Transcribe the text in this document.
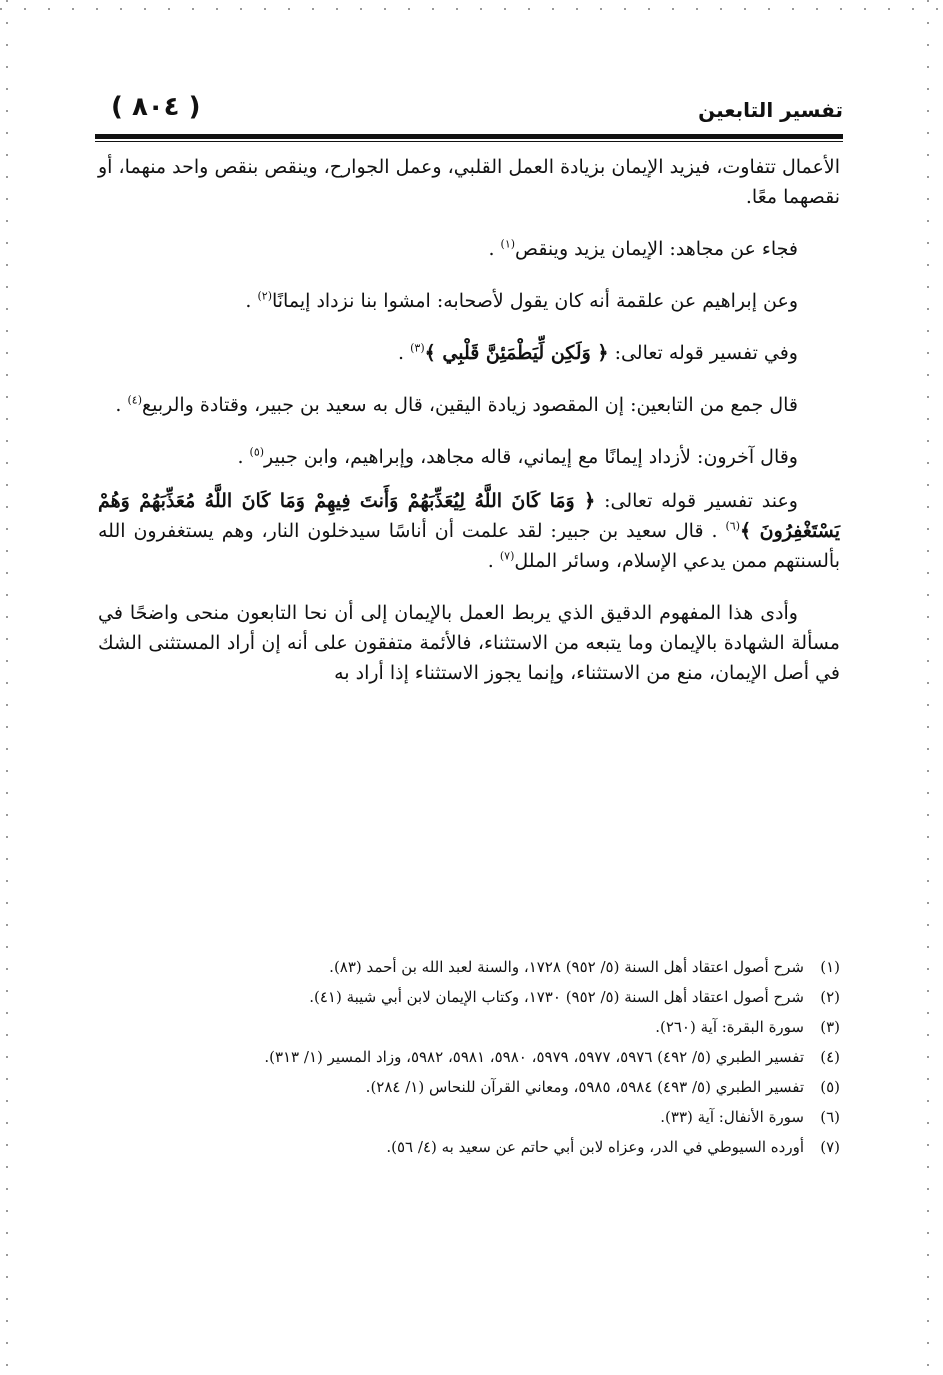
( ٨٠٤ )	تفسير التابعين

الأعمال تتفاوت، فيزيد الإيمان بزيادة العمل القلبي، وعمل الجوارح، وينقص بنقص واحد منهما، أو نقصهما معًا.

فجاء عن مجاهد: الإيمان يزيد وينقص$^{(١)}$ .

وعن إبراهيم عن علقمة أنه كان يقول لأصحابه: امشوا بنا نزداد إيمانًا$^{(٢)}$ .

وفي تفسير قوله تعالى: ﴿ وَلَكِن لِّيَطْمَئِنَّ قَلْبِي ﴾$^{(٣)}$ .

قال جمع من التابعين: إن المقصود زيادة اليقين، قال به سعيد بن جبير، وقتادة والربيع$^{(٤)}$ .

وقال آخرون: لأزداد إيمانًا مع إيماني، قاله مجاهد، وإبراهيم، وابن جبير$^{(٥)}$ .

وعند تفسير قوله تعالى: ﴿ وَمَا كَانَ اللَّهُ لِيُعَذِّبَهُمْ وَأَنتَ فِيهِمْ وَمَا كَانَ اللَّهُ مُعَذِّبَهُمْ وَهُمْ يَسْتَغْفِرُونَ ﴾$^{(٦)}$ . قال سعيد بن جبير: لقد علمت أن أناسًا سيدخلون النار، وهم يستغفرون الله بألسنتهم ممن يدعي الإسلام، وسائر الملل$^{(٧)}$ .

وأدى هذا المفهوم الدقيق الذي يربط العمل بالإيمان إلى أن نحا التابعون منحى واضحًا في مسألة الشهادة بالإيمان وما يتبعه من الاستثناء، فالأئمة متفقون على أنه إن أراد المستثنى الشك في أصل الإيمان، منع من الاستثناء، وإنما يجوز الاستثناء إذا أراد به

(١)
شرح أصول اعتقاد أهل السنة (٥/ ٩٥٢) ١٧٢٨، والسنة لعبد الله بن أحمد (٨٣).
(٢)
شرح أصول اعتقاد أهل السنة (٥/ ٩٥٢) ١٧٣٠، وكتاب الإيمان لابن أبي شيبة (٤١).
(٣)
سورة البقرة: آية (٢٦٠).
(٤)
تفسير الطبري (٥/ ٤٩٢) ٥٩٧٦، ٥٩٧٧، ٥٩٧٩، ٥٩٨٠، ٥٩٨١، ٥٩٨٢، وزاد المسير (١/ ٣١٣).
(٥)
تفسير الطبري (٥/ ٤٩٣) ٥٩٨٤، ٥٩٨٥، ومعاني القرآن للنحاس (١/ ٢٨٤).
(٦)
سورة الأنفال: آية (٣٣).
(٧)
أورده السيوطي في الدر، وعزاه لابن أبي حاتم عن سعيد به (٤/ ٥٦).
